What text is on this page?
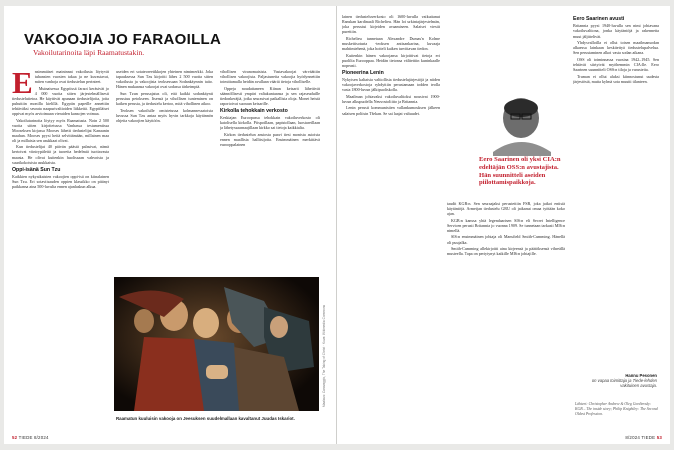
VAKOOJIA JO FARAOILLA
Vakoilutarinoita läpi Raamatustakin.

Ensimmäiset maininnat vakoilusta löytyvät tuhansien vuosien takaa ja ne kuvastavat, miten vanhoja ovat tiedustelun perinteet.

Muinaisessa Egyptissä faraot keräsivät jo 4 000 vuotta sitten järjestelmällisesti tiedustelutietoa. He käyttivät apunaan tiedustelijoita, joita puhuttiin monilla kielillä. Egyptin papeille annettiin tehtäväksi seurata naapurivaltioiden liikkeitä. Egyptiläiset oppivat myös arvioimaan vieraiden kansojen voimaa.

Vakoilutarinoita löytyy myös Raamatusta. Noin 2 500 vuotta sitten kirjoitetussa Vanhassa testamentissa Mooseksen kirjassa Mooses lähetti tiedustelijat Kanaanin maahan. Mooses pyysi heitä selvittämään, millainen maa oli ja millaisia sen asukkaat olivat.

Kun tiedustelijat 40 päivän päästä palasivat, nämä kertoivat viinirypäleitä ja tuoreita hedelmiä tuottavasta maasta. He olivat kuitenkin huolissaan vahvoista ja suurikokoisista asukkaista.

Oppi-isänä Sun Tzu

Kaikkien nykyaikaisten vakoojien oppi-isä on kiinalainen Sun Tzu. Eri sotaviisauden oppien klassikko on pitänyt paikkansa aina 500-luvulta ennen ajanlaskun alkua.

useiden eri sotateoreetikkojen yhteinen nimimerkki. Joka tapauksessa Sun Tzu kirjoitti lähes 2 500 vuotta sitten vakoilusta ja vakoojista teoksessaan Sodankäynnin taito. Hänen mukaansa vakoojat ovat sodassa tärkeimpiä.

Sun Tzun perusajatus oli, että kaikki sodankäynti perustuu petokseen. Itsensä ja vihollisen tunteminen on kaiken perusta, ja tiedustelu kertoo, mitä vihollinen aikoo.

Teoksen vakoilulle omistetussa kolmannessatoista luvussa Sun Tzu antaa myös hyvin tarkkoja käytännön ohjeita vakoojien käyttöön.

vihollisen viranomaisista. Vastavakoojat värväättiin vihollisen vakoojista. Paljastuneita vakoojia hyödynnettiin toimittamalla heidän avullaan vääriä tietoja viholliselle.

Oppeja noudattaneen Kiinan keisarit lähettivät säännöllisesti ympäri valtakuntaansa ja sen rajaseuduille tiedonkeräjiä, jotka seurasivat paikallisia oloja. Monet heistä raportoivat suoraan keisarille.

Kirkolla tehokkain verkosto

Keskiajan Euroopassa tehokkain vakoiluverkosto oli katolisella kirkolla. Piispoillaan, papistollaan, luostareillaan ja lähetyssaarnaajillaan kirkko sai tietoja kaikkialta.

Kirkon tiedustelun ansiosta paavi tiesi monista asioista ennen maallisia hallitsijoita. Ensimmäinen merkittävä eurooppalainen

Maalaus: Caravaggio, The Taking of Christ · Kuva: Wikimedia Commons
Raamatun kuuluisin vakooja on Jeesuksen suudelmallaan kavaltanut Juudas Iskariot.
52 TIEDE 8/2024

lainen tiedusteluverkosto oli 1600-luvulla vaikuttanut Ranskan kardinaali Richelieu. Hän loi urkintajärjestelmän, joka perustui kirjeiden avaamiseen. Salaiset viestit purettiin.

Richelieu tunnetaan Alexandre Dumas'n Kolme muskettisoturia -teoksen antisankarina, kuvaaja mahtimiehenä, joka hoiteli kaiken tarvittavan tiedon.

Kuitenkin hänen vakoojansa kirjoittivat tietoja eri puolilta Eurooppaa. Heidän tietonsa välitettiin kuninkaalle nopeasti.

Pioneerina Lenin

Nykyisen kaltaisia valtiollisia tiedustelujärjestöjä ja niiden vakoojaverkostoja ryhdyttiin perustamaan todden teolla vasta 1800-luvun jälkipuoliskolla.

Maailman johtavaksi vakoiluvaltioksi nousivat 1900-luvun alkupuolella Neuvostoliitto ja Britannia.

Lenin perusti kommunistien vallankumouksen jälkeen salaisen poliisin Tšekan. Se sai laajat valtuudet.

Eero Saarinen oli yksi CIA:n edeltäjän OSS:n avustajista. Hän suunnitteli aseiden piilottamispaikkoja.

taudit KGB:n. Sen seuraajaksi perustettiin FSB, joka jatkoi entisiä käytäntöjä. Armeijan tiedustelu GRU oli jatkanut omaa työtään koko ajan.

KGB:n kanssa yhtä legendaarisen SIS:n eli Secret Intelligence Servicen perusti Britannia jo vuonna 1909. Se tunnetaan tarkasti MI6:n nimellä.

SIS:n ensimmäinen johtaja oli Mansfield Smith-Cumming. Hänellä oli puujalka.

Smith-Cumming allekirjoitti aina kirjeensä ja päätöksensä vihreällä musteella. Tapa on periytynyt kaikille MI6:n johtajille.

Eero Saarinen avusti

Britannia pyysi 1940-luvulla sen nimi johtavana vakoiluvaltiona, jonka käytäntöjä ja rakennetta muut jäljittelivät.

Yhdysvalloilla ei ollut toisen maailmansodan alkaessa lainkaan keskitettyä tiedustelupalvelua. Sen perustaminen alkoi vasta sodan aikana.

OSS oli toiminnassa vuosina 1942–1945. Sen tehtävät siirtyivät myöhemmin CIA:lle. Eero Saarinen suunnitteli OSS:n tiloja ja varusteita.

Truman ei ollut aluksi kiinnostunut uudesta järjestöstä, mutta kylmä sota muutti tilanteen.

Hannu Pesonen
on vapaa toimittaja ja Tiede-lehden vakituinen avustaja.
Lähteet: Christopher Andrew & Oleg Gordievsky: KGB – The inside story; Philip Knightley: The Second Oldest Profession.
8/2024 TIEDE 53
